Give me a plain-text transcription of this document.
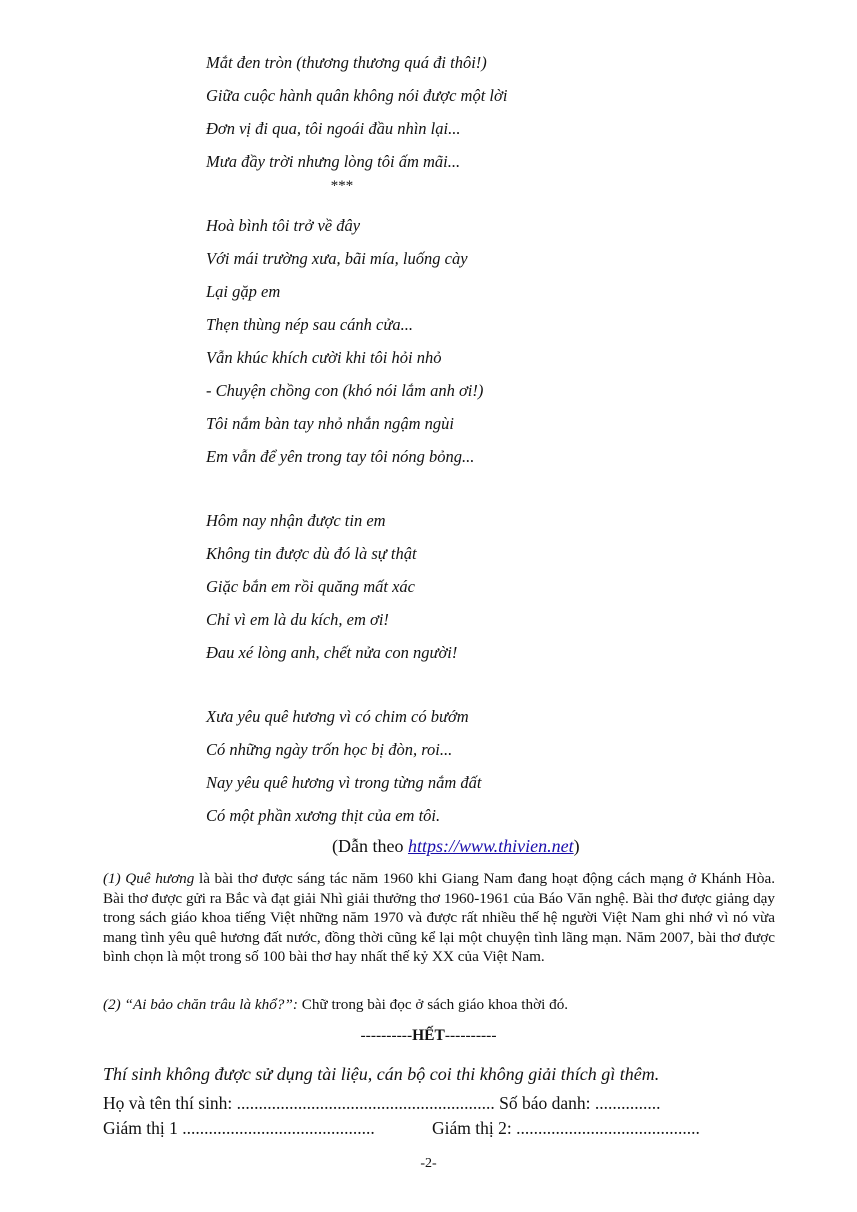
Mắt đen tròn (thương thương quá đi thôi!)
Giữa cuộc hành quân không nói được một lời
Đơn vị đi qua, tôi ngoái đầu nhìn lại...
Mưa đầy trời nhưng lòng tôi ấm mãi...
***
Hoà bình tôi trở về đây
Với mái trường xưa, bãi mía, luống cày
Lại gặp em
Thẹn thùng nép sau cánh cửa...
Vẫn khúc khích cười khi tôi hỏi nhỏ
- Chuyện chồng con (khó nói lắm anh ơi!)
Tôi nắm bàn tay nhỏ nhắn ngậm ngùi
Em vẫn để yên trong tay tôi nóng bỏng...
Hôm nay nhận được tin em
Không tin được dù đó là sự thật
Giặc bắn em rồi quăng mất xác
Chỉ vì em là du kích, em ơi!
Đau xé lòng anh, chết nửa con người!
Xưa yêu quê hương vì có chim có bướm
Có những ngày trốn học bị đòn, roi...
Nay yêu quê hương vì trong từng nắm đất
Có một phần xương thịt của em tôi.
(Dẫn theo https://www.thivien.net)
(1) Quê hương là bài thơ được sáng tác năm 1960 khi Giang Nam đang hoạt động cách mạng ở Khánh Hòa. Bài thơ được gửi ra Bắc và đạt giải Nhì giải thưởng thơ 1960-1961 của Báo Văn nghệ. Bài thơ được giảng dạy trong sách giáo khoa tiếng Việt những năm 1970 và được rất nhiều thế hệ người Việt Nam ghi nhớ vì nó vừa mang tình yêu quê hương đất nước, đồng thời cũng kể lại một chuyện tình lãng mạn. Năm 2007, bài thơ được bình chọn là một trong số 100 bài thơ hay nhất thế kỷ XX của Việt Nam.
(2) “Ai bảo chăn trâu là khổ?”: Chữ trong bài đọc ở sách giáo khoa thời đó.
----------HẾT----------
Thí sinh không được sử dụng tài liệu, cán bộ coi thi không giải thích gì thêm.
Họ và tên thí sinh: ........................................................... Số báo danh: ...............
Giám thị 1 ............................................	Giám thị 2: ..........................................
-2-
